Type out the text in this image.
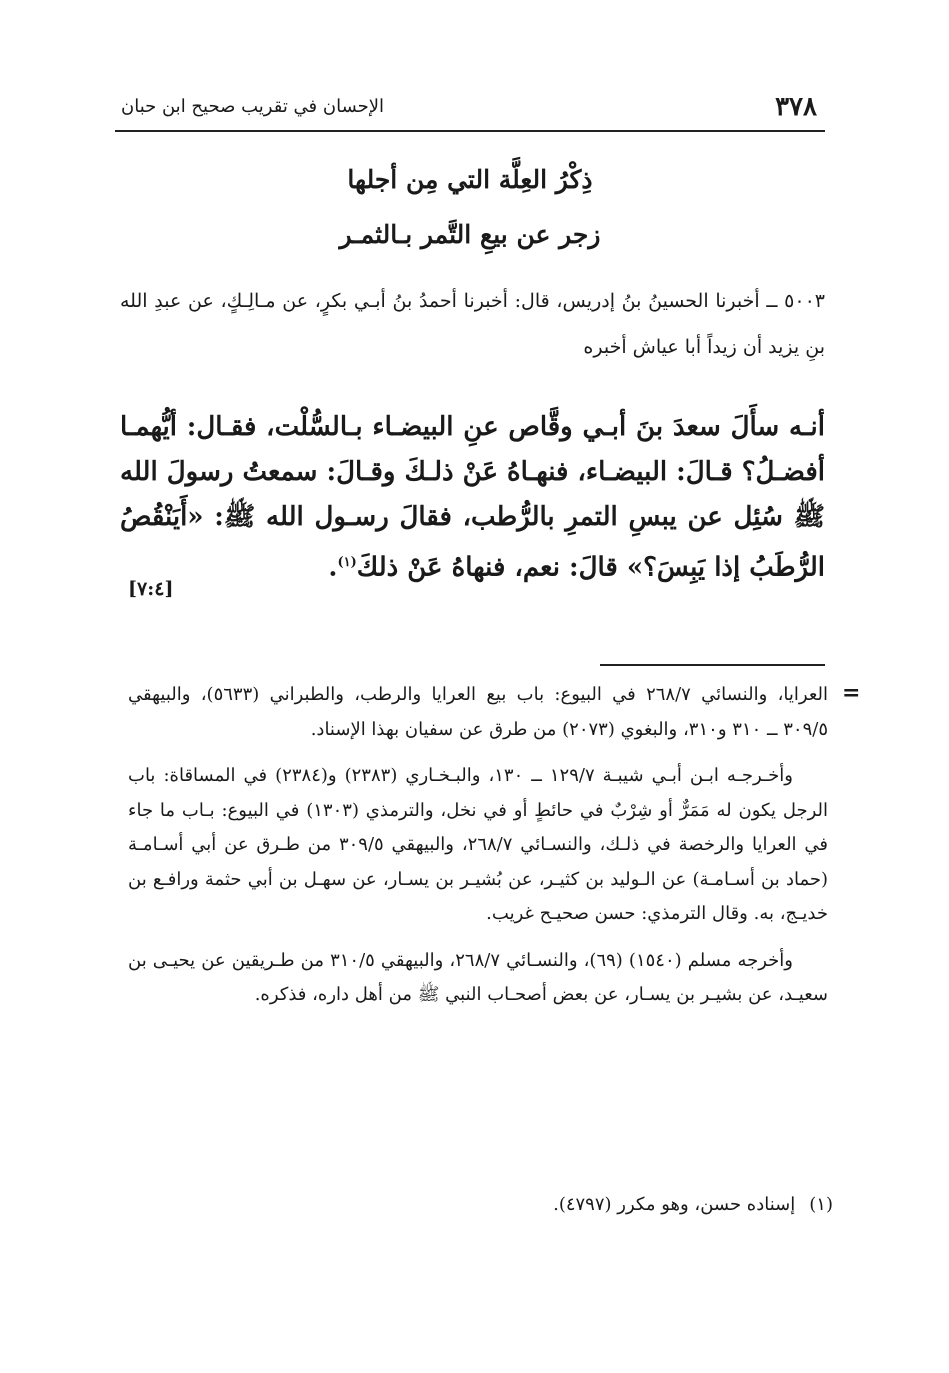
٣٧٨
الإحسان في تقريب صحيح ابن حبان
ذِكْرُ العِلَّة التي مِن أجلها
زجر عن بيعِ التَّمر بـالثمـر

٥٠٠٣ ــ أخبرنا الحسينُ بنُ إدريس، قال: أخبرنا أحمدُ بنُ أبـي بكرٍ، عن مـالِـكٍ، عن عبدِ الله بنِ يزيد أن زيداً أبا عياش أخبره

أنـه سأَلَ سعدَ بنَ أبـي وقَّاص عنِ البيضـاء بـالسُّلْت، فقـال: أيُّهمـا أفضـلُ؟ قـالَ: البيضـاء، فنهـاهُ عَنْ ذلـكَ وقـالَ: سمعتُ رسولَ الله ﷺ سُئِل عن يبسِ التمرِ بالرُّطب، فقالَ رسـول الله ﷺ: «أَيَنْقُصُ الرُّطَبُ إذا يَبِسَ؟» قالَ: نعم، فنهاهُ عَنْ ذلكَ$^{(١)}$.

[٧:٤]
=

العرايا، والنسائي ٢٦٨/٧ في البيوع: باب بيع العرايا والرطب، والطبراني (٥٦٣٣)، والبيهقي ٣٠٩/٥ ــ ٣١٠ و٣١٠، والبغوي (٢٠٧٣) من طرق عن سفيان بهذا الإسناد.

وأخـرجـه ابـن أبـي شيبـة ١٢٩/٧ ــ ١٣٠، والبـخـاري (٢٣٨٣) و(٢٣٨٤) في المساقاة: باب الرجل يكون له مَمَرٌّ أو شِرْبٌ في حائطٍ أو في نخل، والترمذي (١٣٠٣) في البيوع: بـاب ما جاء في العرايا والرخصة في ذلـك، والنسـائي ٢٦٨/٧، والبيهقي ٣٠٩/٥ من طـرق عن أبي أسـامـة (حماد بن أسـامـة) عن الـوليد بن كثيـر، عن بُشيـر بن يسـار، عن سهـل بن أبي حثمة ورافـع بن خديـج، به. وقال الترمذي: حسن صحيـح غريب.

وأخرجه مسلم (١٥٤٠) (٦٩)، والنسـائي ٢٦٨/٧، والبيهقي ٣١٠/٥ من طـريقين عن يحيـى بن سعيـد، عن بشيـر بن يسـار، عن بعض أصحـاب النبي ﷺ من أهل داره، فذكره.

(١)إسناده حسن، وهو مكرر (٤٧٩٧).
